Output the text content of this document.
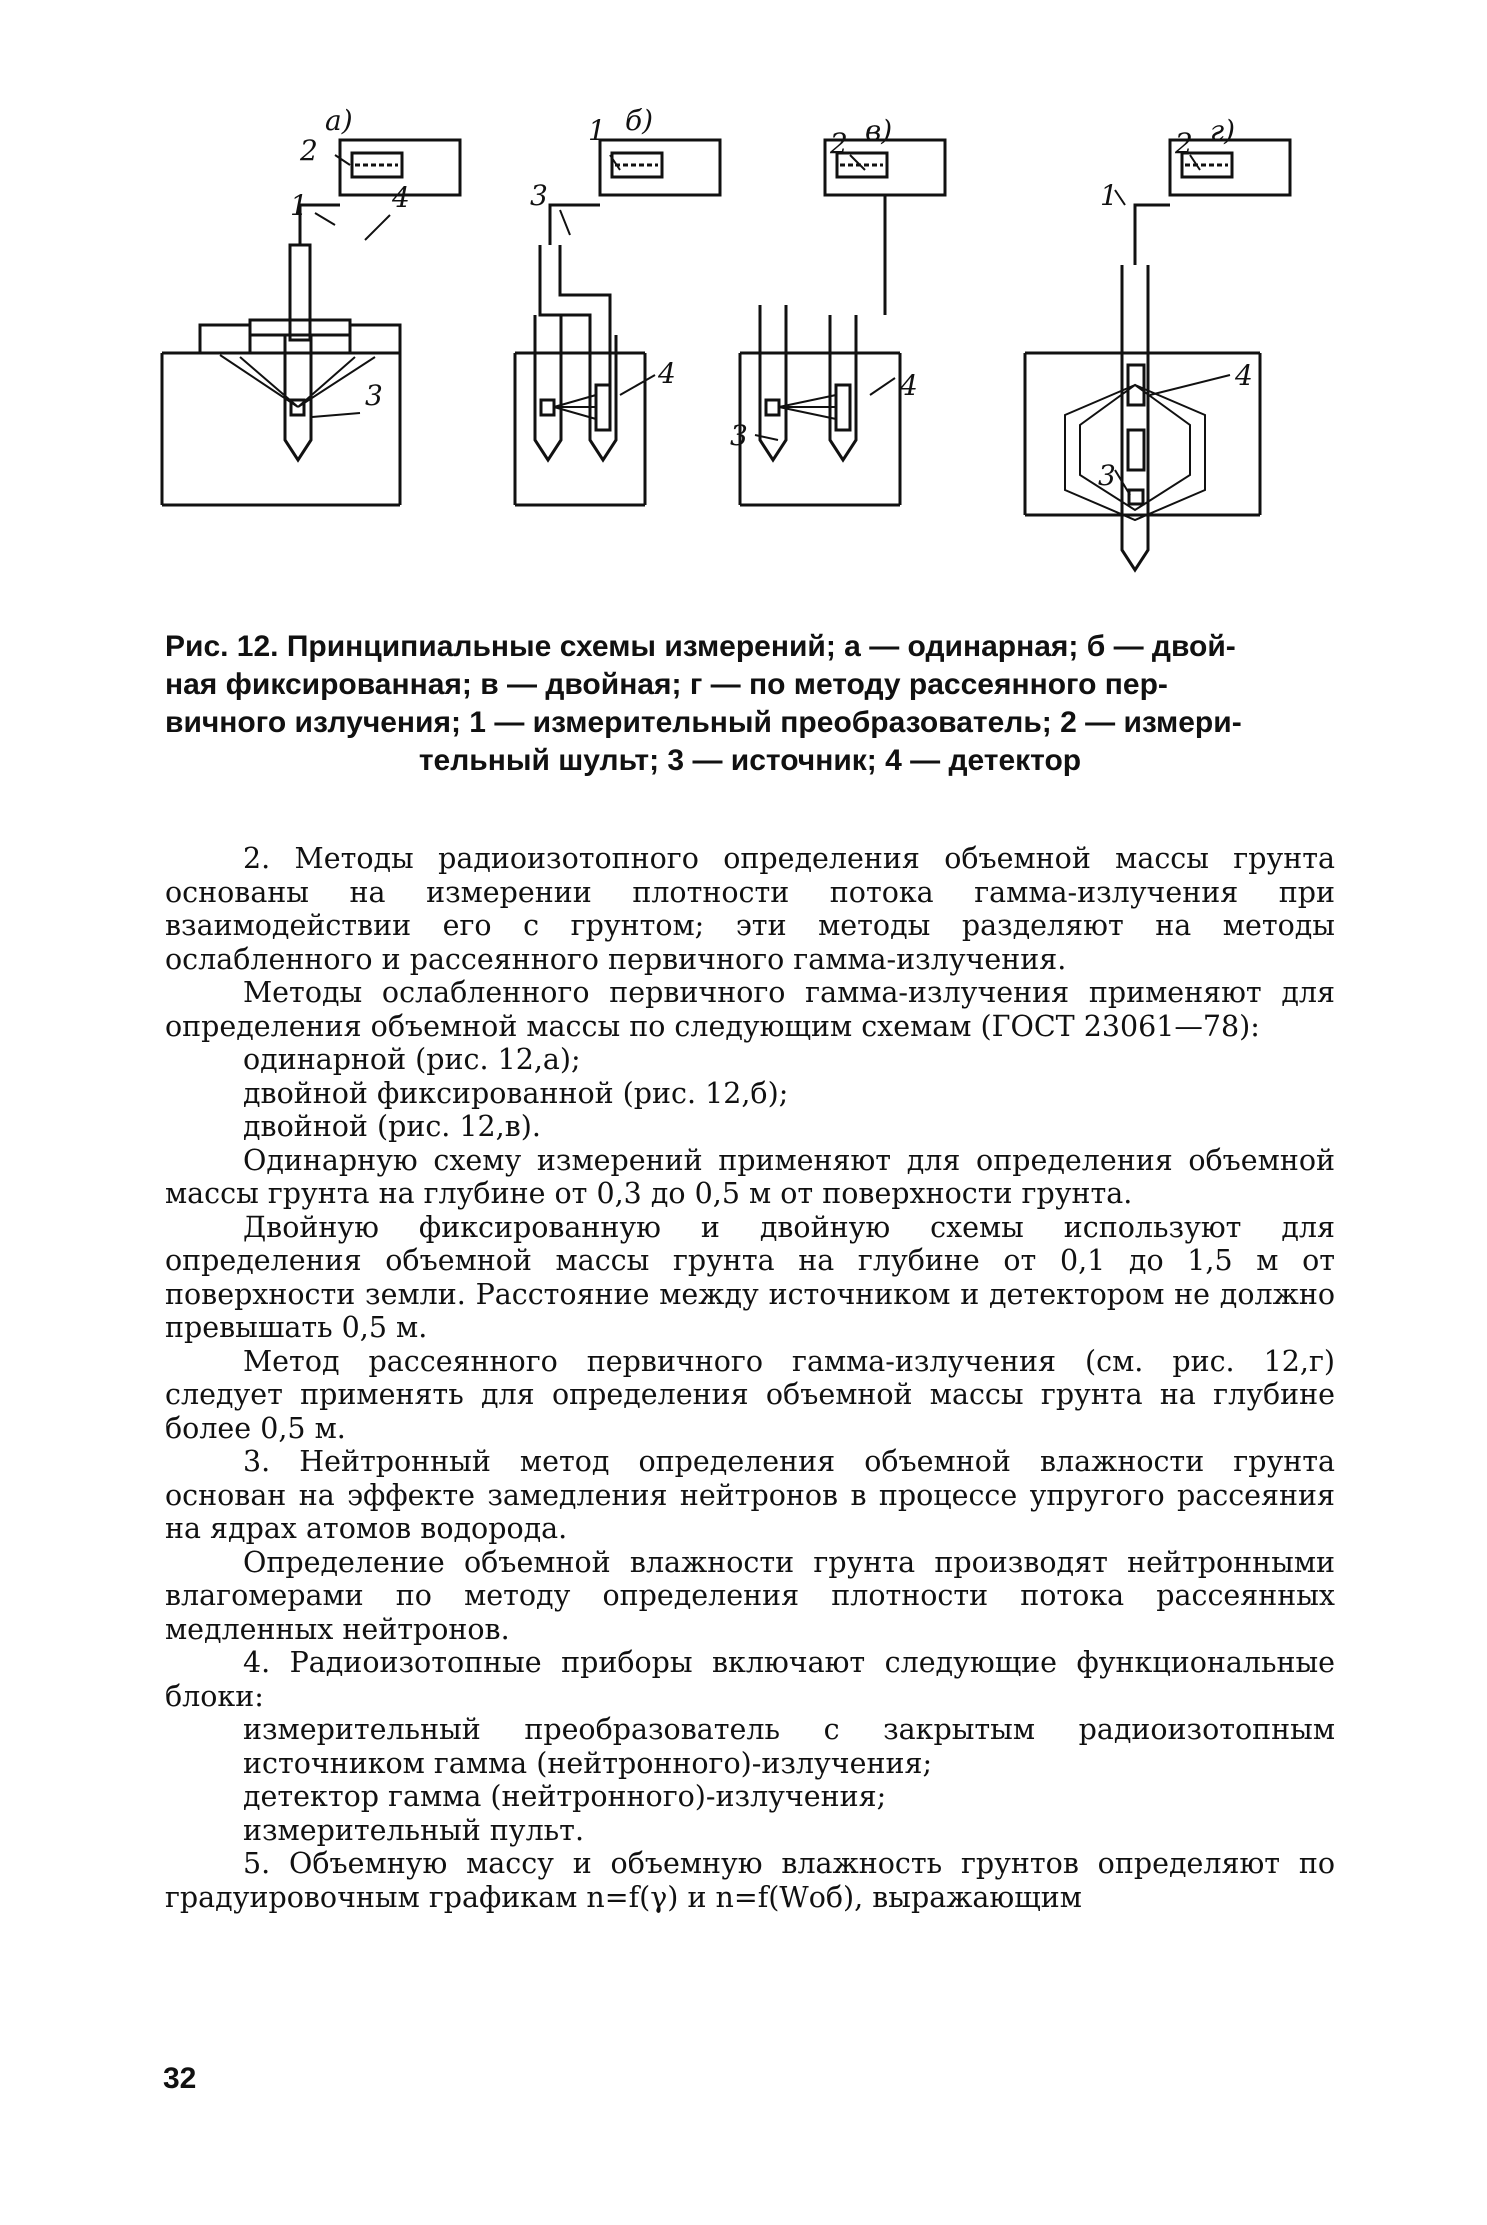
а)	б)	в)	г)
2
1	4
3
1
3
4
2
4
3
2
1
4
3
Рис. 12. Принципиальные схемы измерений; а — одинарная; б — двой-
ная фиксированная; в — двойная; г — по методу рассеянного пер-
вичного излучения; 1 — измерительный преобразователь; 2 — измери-
тельный шульт; 3 — источник; 4 — детектор

2. Методы радиоизотопного определения объемной массы грунта основаны на измерении плотности потока гамма-излучения при взаимодействии его с грунтом; эти методы разделяют на методы ослабленного и рассеянного первичного гамма-излучения.

Методы ослабленного первичного гамма-излучения применяют для определения объемной массы по следующим схемам (ГОСТ 23061—78):

одинарной (рис. 12,а);

двойной фиксированной (рис. 12,б);

двойной (рис. 12,в).

Одинарную схему измерений применяют для определения объемной массы грунта на глубине от 0,3 до 0,5 м от поверхности грунта.

Двойную фиксированную и двойную схемы используют для определения объемной массы грунта на глубине от 0,1 до 1,5 м от поверхности земли. Расстояние между источником и детектором не должно превышать 0,5 м.

Метод рассеянного первичного гамма-излучения (см. рис. 12,г) следует применять для определения объемной массы грунта на глубине более 0,5 м.

3. Нейтронный метод определения объемной влажности грунта основан на эффекте замедления нейтронов в процессе упругого рассеяния на ядрах атомов водорода.

Определение объемной влажности грунта производят нейтронными влагомерами по методу определения плотности потока рассеянных медленных нейтронов.

4. Радиоизотопные приборы включают следующие функциональные блоки:

измерительный преобразователь с закрытым радиоизотопным источником гамма (нейтронного)-излучения;

детектор гамма (нейтронного)-излучения;

измерительный пульт.

5. Объемную массу и объемную влажность грунтов определяют по градуировочным графикам n=f(γ) и n=f(Wоб), выражающим

32
